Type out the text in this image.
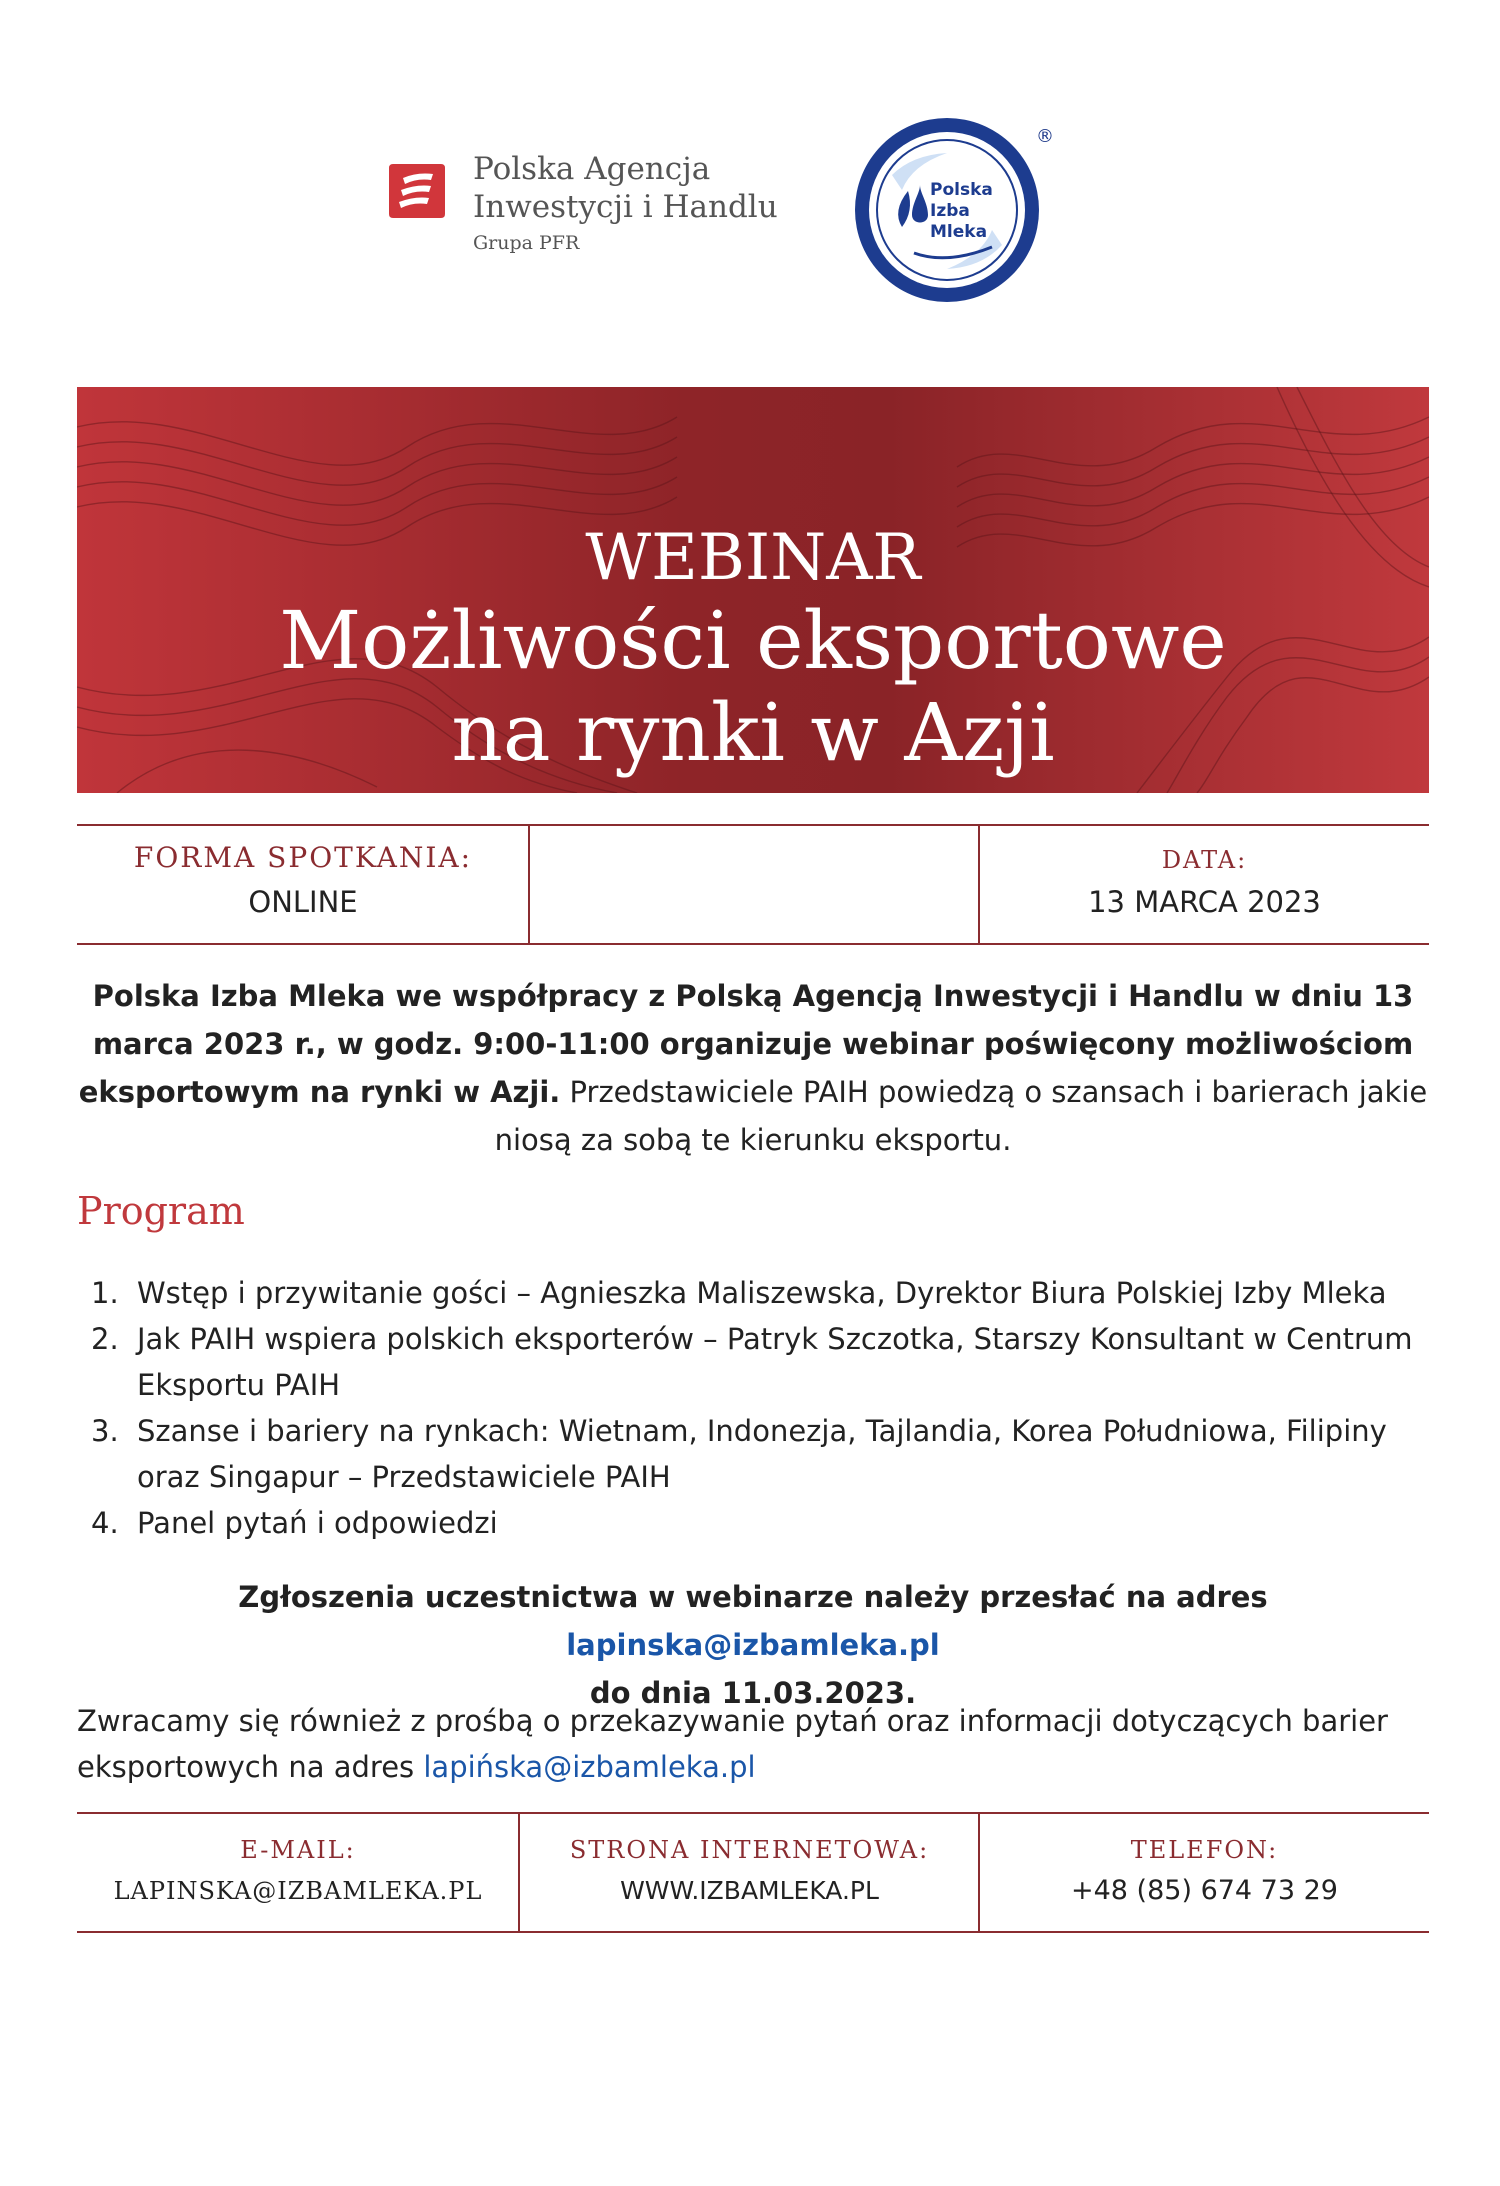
Polska Agencja
Inwestycji i Handlu
Grupa PFR
®
Polska
Izba
Mleka
WEBINAR
Możliwości eksportowe
na rynki w Azji
FORMA SPOTKANIA:
ONLINE
DATA:
13 MARCA 2023
Polska Izba Mleka we współpracy z Polską Agencją Inwestycji i Handlu w dniu 13 marca 2023 r., w godz. 9:00-11:00 organizuje webinar poświęcony możliwościom eksportowym na rynki w Azji. Przedstawiciele PAIH powiedzą o szansach i barierach jakie niosą za sobą te kierunku eksportu.
Program
1. Wstęp i przywitanie gości – Agnieszka Maliszewska, Dyrektor Biura Polskiej Izby Mleka
2. Jak PAIH wspiera polskich eksporterów – Patryk Szczotka, Starszy Konsultant w Centrum Eksportu PAIH
3. Szanse i bariery na rynkach: Wietnam, Indonezja, Tajlandia, Korea Południowa, Filipiny oraz Singapur – Przedstawiciele PAIH
4. Panel pytań i odpowiedzi
Zgłoszenia uczestnictwa w webinarze należy przesłać na adres lapinska@izbamleka.pl
do dnia 11.03.2023.
Zwracamy się również z prośbą o przekazywanie pytań oraz informacji dotyczących barier eksportowych na adres lapińska@izbamleka.pl
E-MAIL:
LAPINSKA@IZBAMLEKA.PL
STRONA INTERNETOWA:
WWW.IZBAMLEKA.PL
TELEFON:
+48 (85) 674 73 29
